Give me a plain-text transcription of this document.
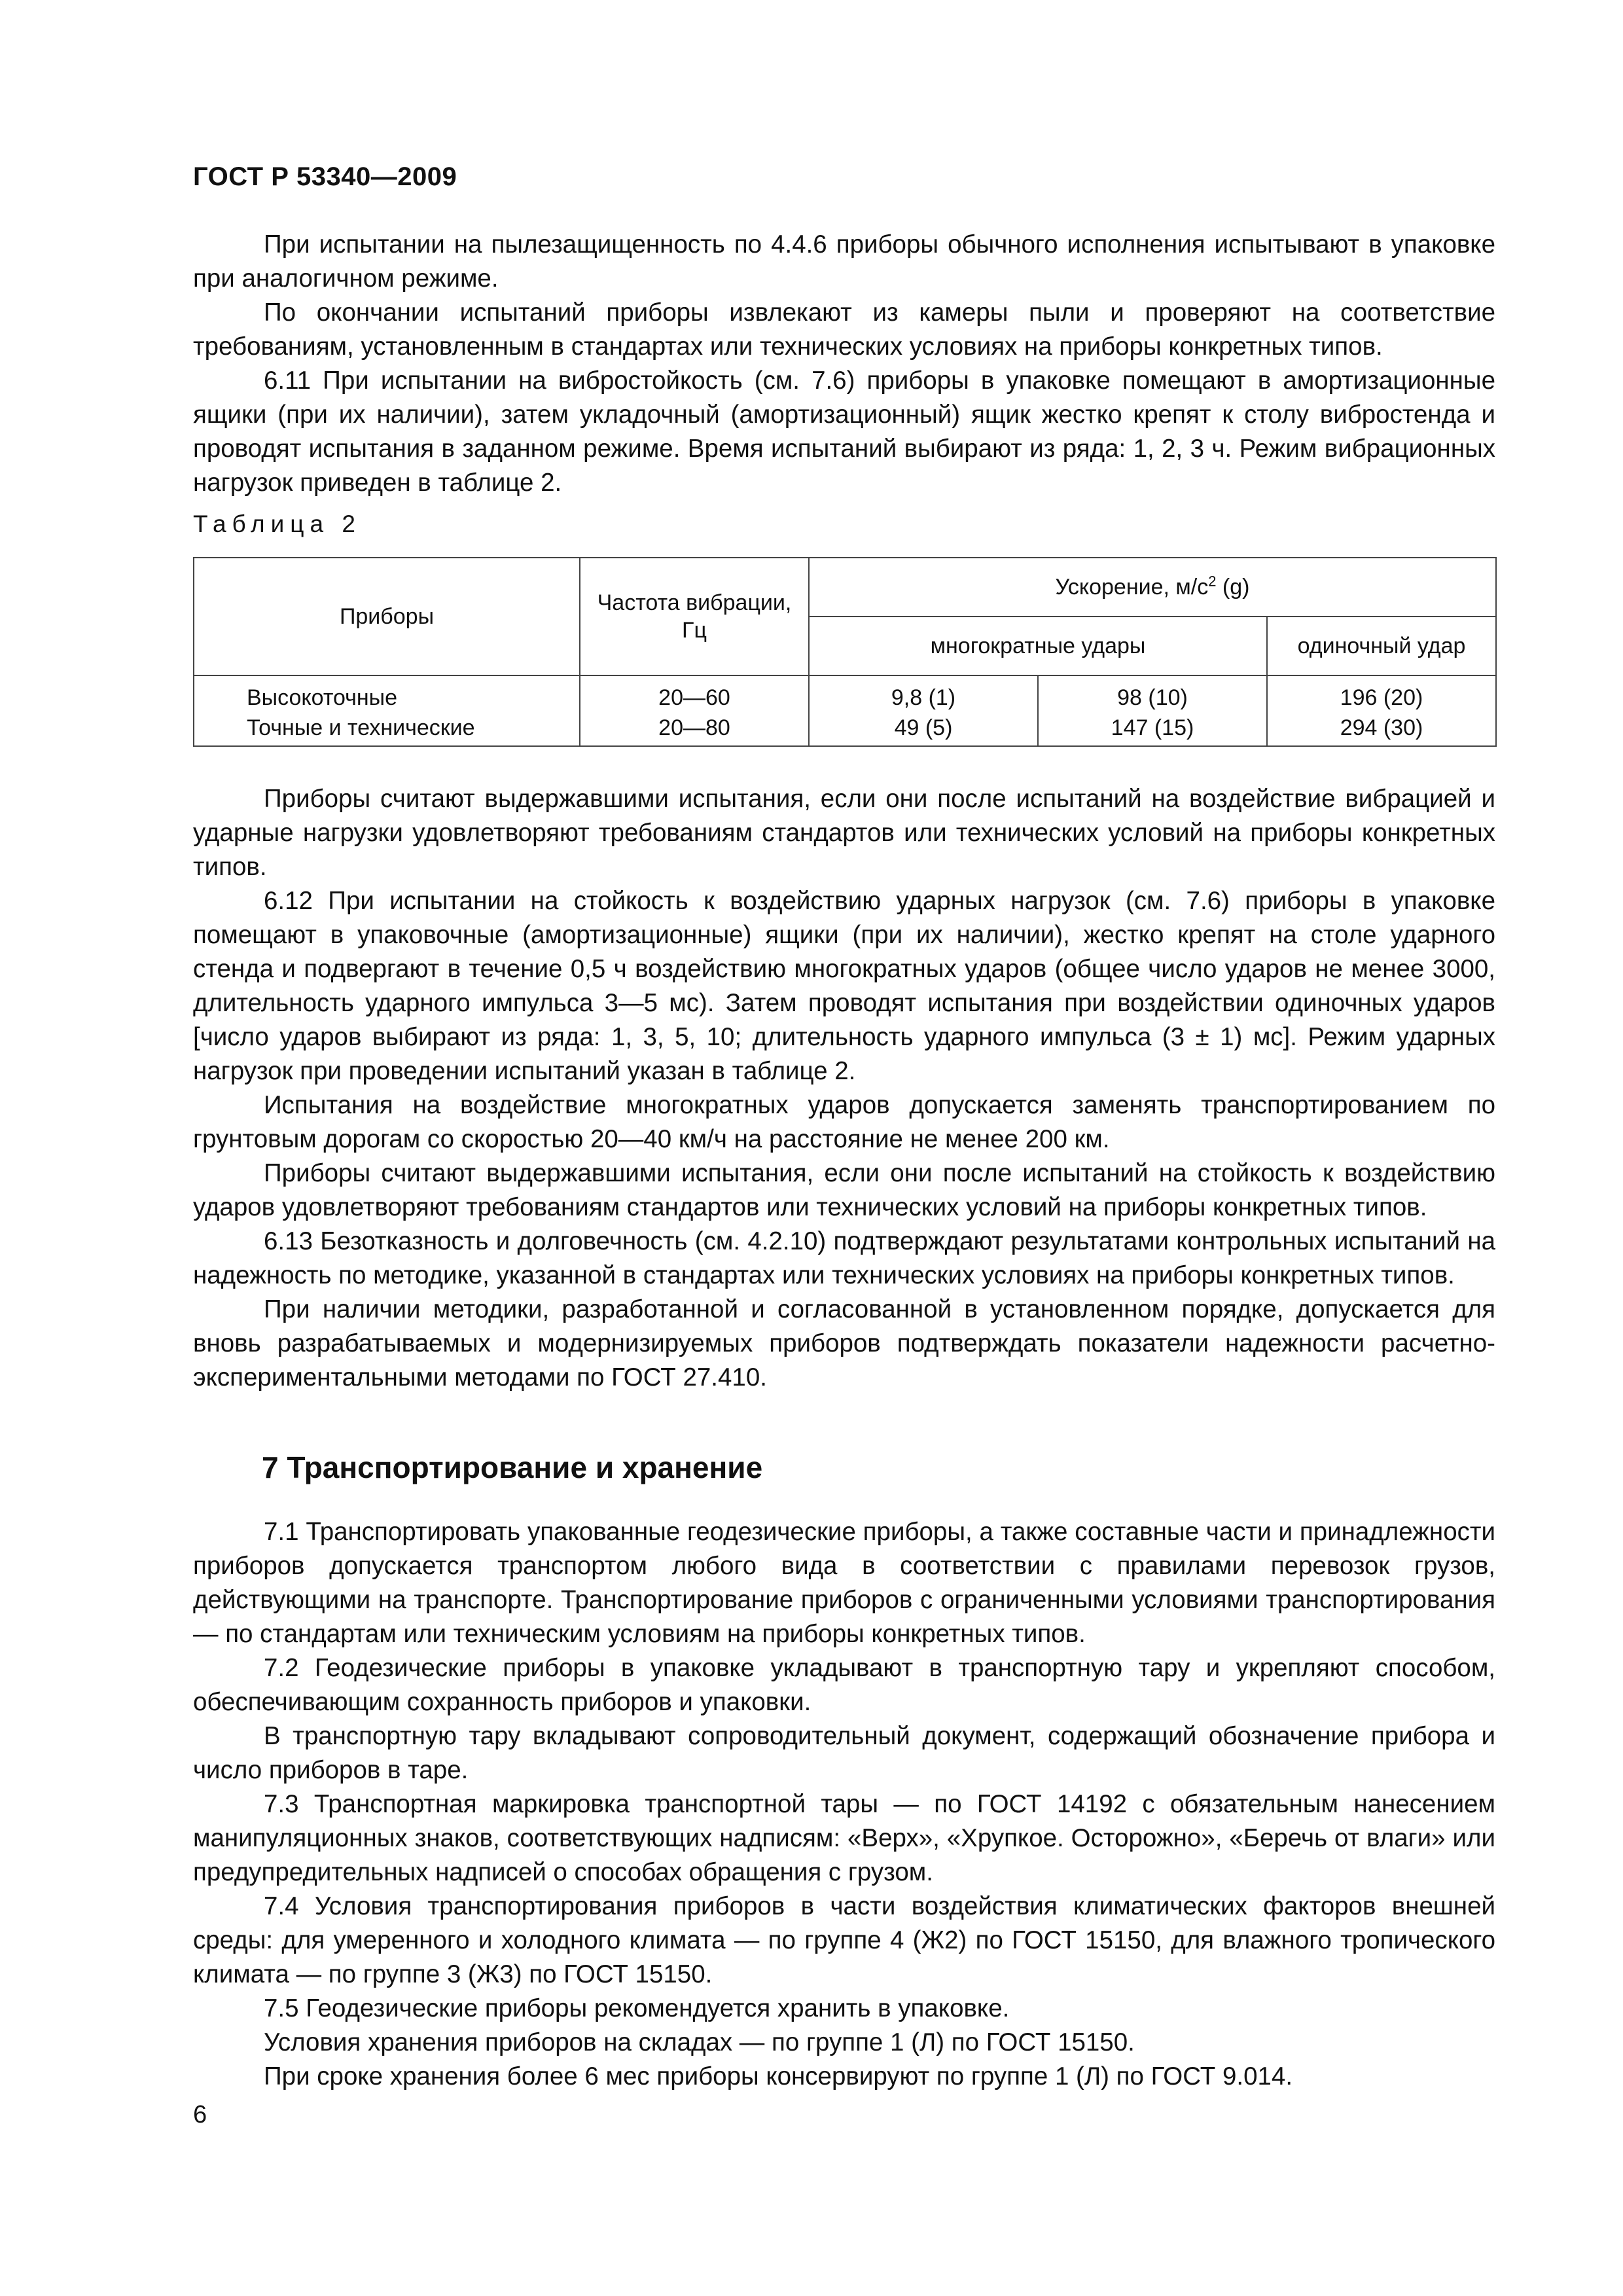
ГОСТ Р 53340—2009

При испытании на пылезащищенность по 4.4.6 приборы обычного исполнения испытывают в упаковке при аналогичном режиме.

По окончании испытаний приборы извлекают из камеры пыли и проверяют на соответствие требованиям, установленным в стандартах или технических условиях на приборы конкретных типов.

6.11 При испытании на вибростойкость (см. 7.6) приборы в упаковке помещают в амортизационные ящики (при их наличии), затем укладочный (амортизационный) ящик жестко крепят к столу вибростенда и проводят испытания в заданном режиме. Время испытаний выбирают из ряда: 1, 2, 3 ч. Режим вибрационных нагрузок приведен в таблице 2.

Таблица 2
Приборы	Частота вибрации, Гц	Ускорение, $м/с^2$ (g)		
		многократные удары		одиночный удар
Высокоточные	20—60	9,8 (1)	98 (10)	196 (20)
Точные и технические	20—80	49 (5)	147 (15)	294 (30)

Приборы считают выдержавшими испытания, если они после испытаний на воздействие вибрацией и ударные нагрузки удовлетворяют требованиям стандартов или технических условий на приборы конкретных типов.

6.12 При испытании на стойкость к воздействию ударных нагрузок (см. 7.6) приборы в упаковке помещают в упаковочные (амортизационные) ящики (при их наличии), жестко крепят на столе ударного стенда и подвергают в течение 0,5 ч воздействию многократных ударов (общее число ударов не менее 3000, длительность ударного импульса 3—5 мс). Затем проводят испытания при воздействии одиночных ударов [число ударов выбирают из ряда: 1, 3, 5, 10; длительность ударного импульса (3 ± 1) мс]. Режим ударных нагрузок при проведении испытаний указан в таблице 2.

Испытания на воздействие многократных ударов допускается заменять транспортированием по грунтовым дорогам со скоростью 20—40 км/ч на расстояние не менее 200 км.

Приборы считают выдержавшими испытания, если они после испытаний на стойкость к воздействию ударов удовлетворяют требованиям стандартов или технических условий на приборы конкретных типов.

6.13 Безотказность и долговечность (см. 4.2.10) подтверждают результатами контрольных испытаний на надежность по методике, указанной в стандартах или технических условиях на приборы конкретных типов.

При наличии методики, разработанной и согласованной в установленном порядке, допускается для вновь разрабатываемых и модернизируемых приборов подтверждать показатели надежности расчетно-экспериментальными методами по ГОСТ 27.410.

7 Транспортирование и хранение

7.1 Транспортировать упакованные геодезические приборы, а также составные части и принадлежности приборов допускается транспортом любого вида в соответствии с правилами перевозок грузов, действующими на транспорте. Транспортирование приборов с ограниченными условиями транспортирования — по стандартам или техническим условиям на приборы конкретных типов.

7.2 Геодезические приборы в упаковке укладывают в транспортную тару и укрепляют способом, обеспечивающим сохранность приборов и упаковки.

В транспортную тару вкладывают сопроводительный документ, содержащий обозначение прибора и число приборов в таре.

7.3 Транспортная маркировка транспортной тары — по ГОСТ 14192 с обязательным нанесением манипуляционных знаков, соответствующих надписям: «Верх», «Хрупкое. Осторожно», «Беречь от влаги» или предупредительных надписей о способах обращения с грузом.

7.4 Условия транспортирования приборов в части воздействия климатических факторов внешней среды: для умеренного и холодного климата — по группе 4 (Ж2) по ГОСТ 15150, для влажного тропического климата — по группе 3 (Ж3) по ГОСТ 15150.

7.5 Геодезические приборы рекомендуется хранить в упаковке.

Условия хранения приборов на складах — по группе 1 (Л) по ГОСТ 15150.

При сроке хранения более 6 мес приборы консервируют по группе 1 (Л) по ГОСТ 9.014.

6
